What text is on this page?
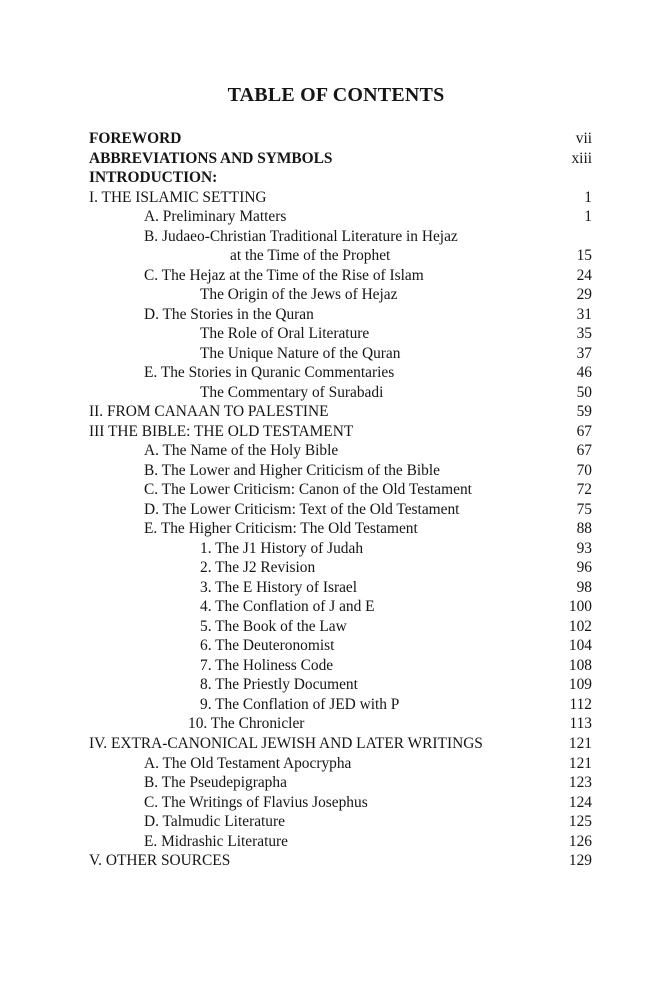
TABLE OF CONTENTS
FOREWORD	vii
ABBREVIATIONS AND SYMBOLS	xiii
INTRODUCTION:
I. THE ISLAMIC SETTING	1
A. Preliminary Matters	1
B. Judaeo-Christian Traditional Literature in Hejaz
at the Time of the Prophet	15
C. The Hejaz at the Time of the Rise of Islam	24
The Origin of the Jews of Hejaz	29
D. The Stories in the Quran	31
The Role of Oral Literature	35
The Unique Nature of the Quran	37
E. The Stories in Quranic Commentaries	46
The Commentary of Surabadi	50
II. FROM CANAAN TO PALESTINE	59
III THE BIBLE: THE OLD TESTAMENT	67
A. The Name of the Holy Bible	67
B. The Lower and Higher Criticism of the Bible	70
C. The Lower Criticism: Canon of the Old Testament	72
D. The Lower Criticism: Text of the Old Testament	75
E. The Higher Criticism: The Old Testament	88
1. The J1 History of Judah	93
2. The J2 Revision	96
3. The E History of Israel	98
4. The Conflation of J and E	100
5. The Book of the Law	102
6. The Deuteronomist	104
7. The Holiness Code	108
8. The Priestly Document	109
9. The Conflation of JED with P	112
10. The Chronicler	113
IV. EXTRA-CANONICAL JEWISH AND LATER WRITINGS	121
A. The Old Testament Apocrypha	121
B. The Pseudepigrapha	123
C. The Writings of Flavius Josephus	124
D. Talmudic Literature	125
E. Midrashic Literature	126
V. OTHER SOURCES	129
